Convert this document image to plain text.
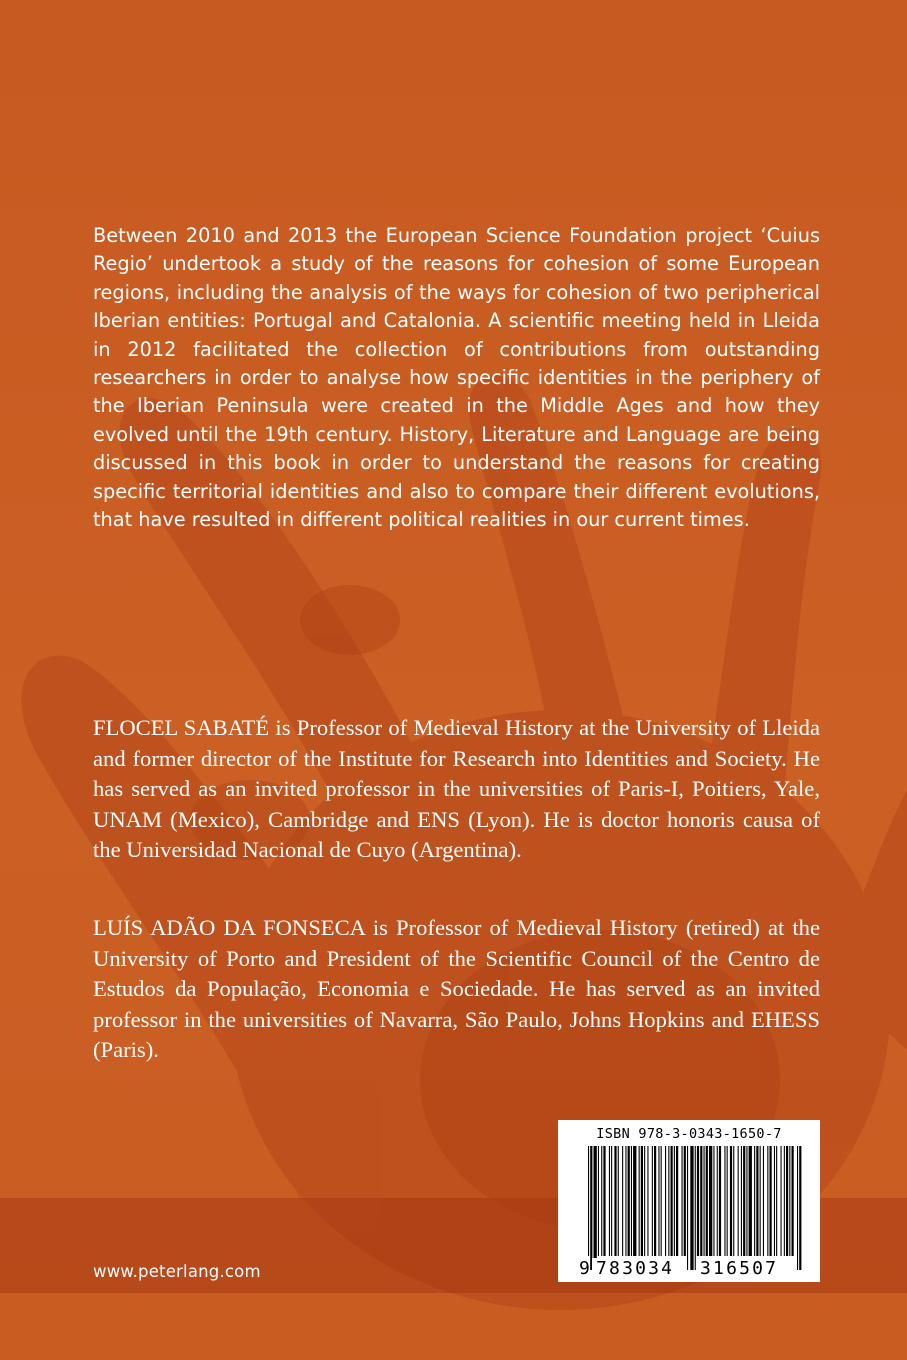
Between 2010 and 2013 the European Science Foundation project ‘Cuius Regio’ undertook a study of the reasons for cohesion of some European regions, including the analysis of the ways for cohesion of two peripherical Iberian entities: Portugal and Catalonia. A scientific meeting held in Lleida in 2012 facilitated the collection of contributions from outstanding researchers in order to analyse how specific identities in the periphery of the Iberian Peninsula were created in the Middle Ages and how they evolved until the 19th century. History, Literature and Language are being discussed in this book in order to understand the reasons for creating specific territorial identities and also to compare their different evolutions, that have resulted in different political realities in our current times.

FLOCEL SABATÉ is Professor of Medieval History at the University of Lleida and former director of the Institute for Research into Identities and Society. He has served as an invited professor in the universities of Paris-I, Poitiers, Yale, UNAM (Mexico), Cambridge and ENS (Lyon). He is doctor honoris causa of the Universidad Nacional de Cuyo (Argentina).

LUÍS ADÃO DA FONSECA is Professor of Medieval History (retired) at the University of Porto and President of the Scientific Council of the Centro de Estudos da População, Economia e Sociedade. He has served as an invited professor in the universities of Navarra, São Paulo, Johns Hopkins and EHESS (Paris).

www.peterlang.com
ISBN 978-3-0343-1650-7
9 783034 316507
